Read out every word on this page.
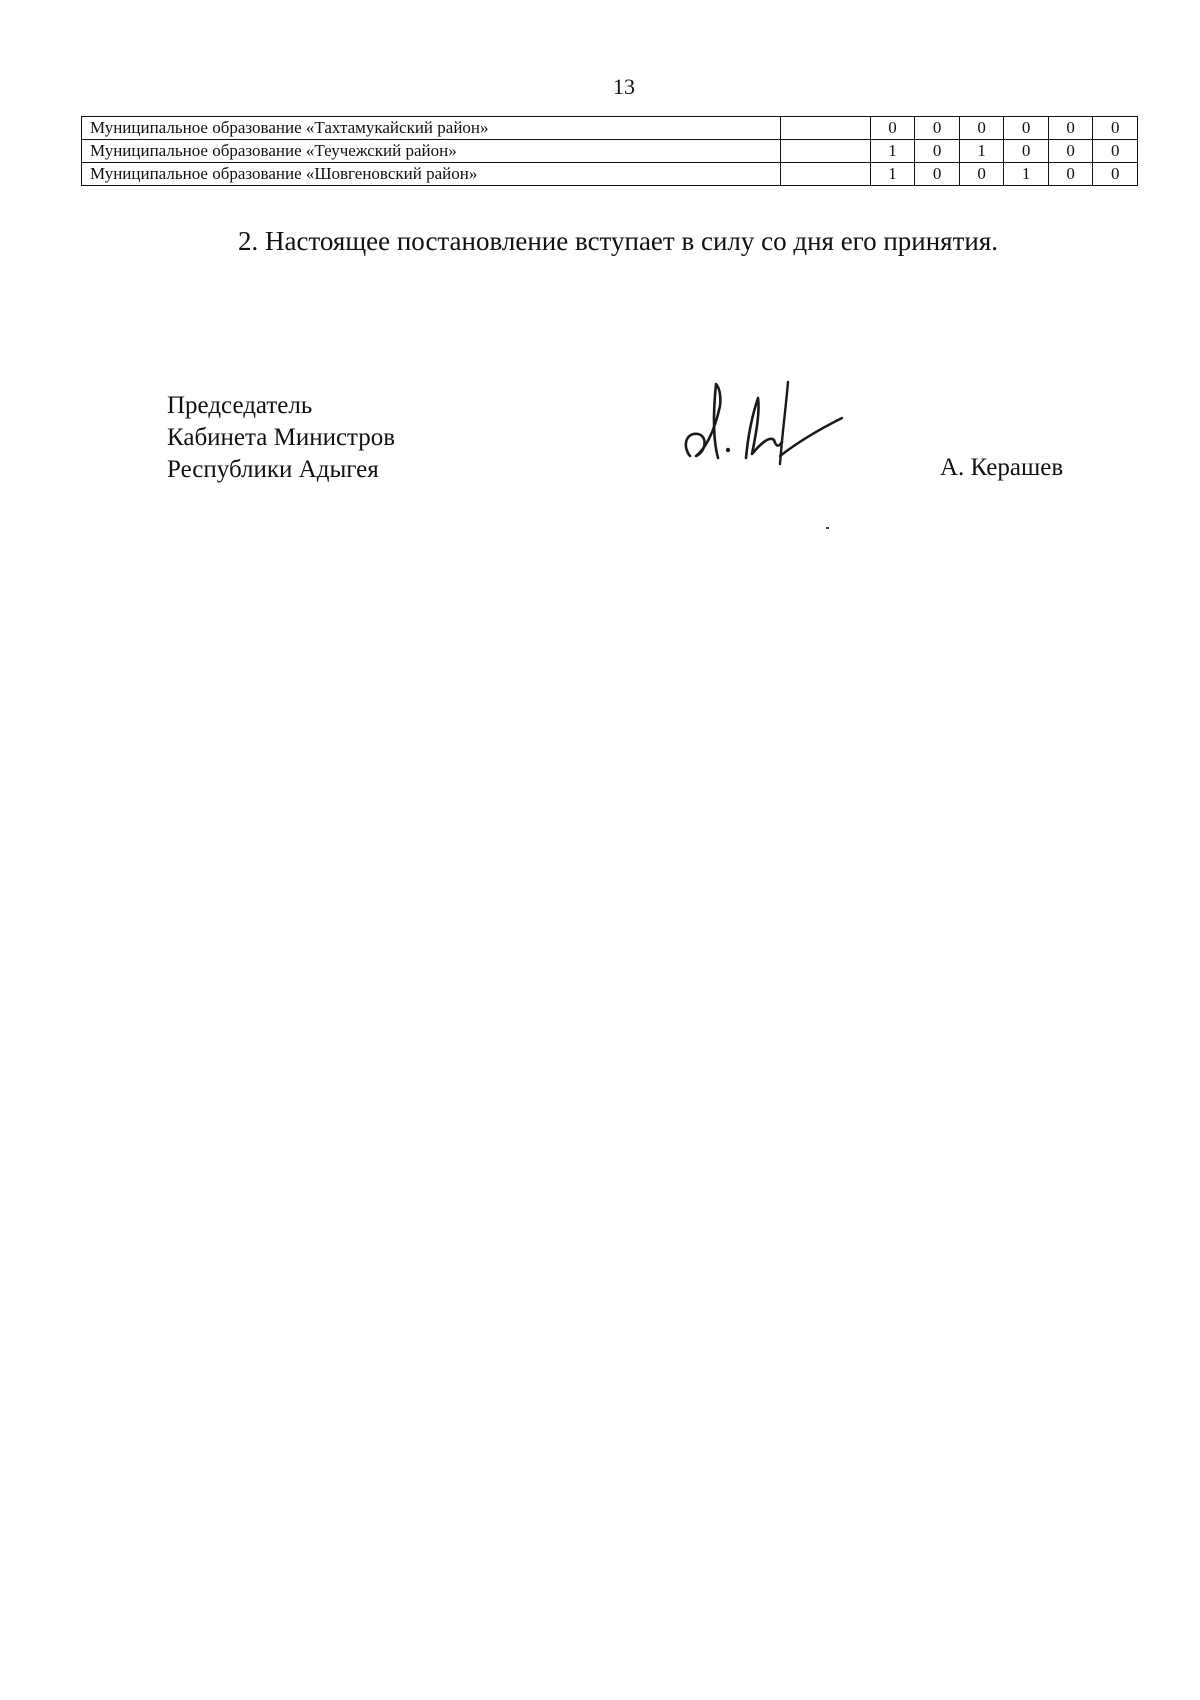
13
Муниципальное образование «Тахтамукайский район»		0	0	0	0	0	0
Муниципальное образование «Теучежский район»		1	0	1	0	0	0
Муниципальное образование «Шовгеновский район»		1	0	0	1	0	0
2. Настоящее постановление вступает в силу со дня его принятия.
Председатель
Кабинета Министров
Республики Адыгея	А. Керашев
